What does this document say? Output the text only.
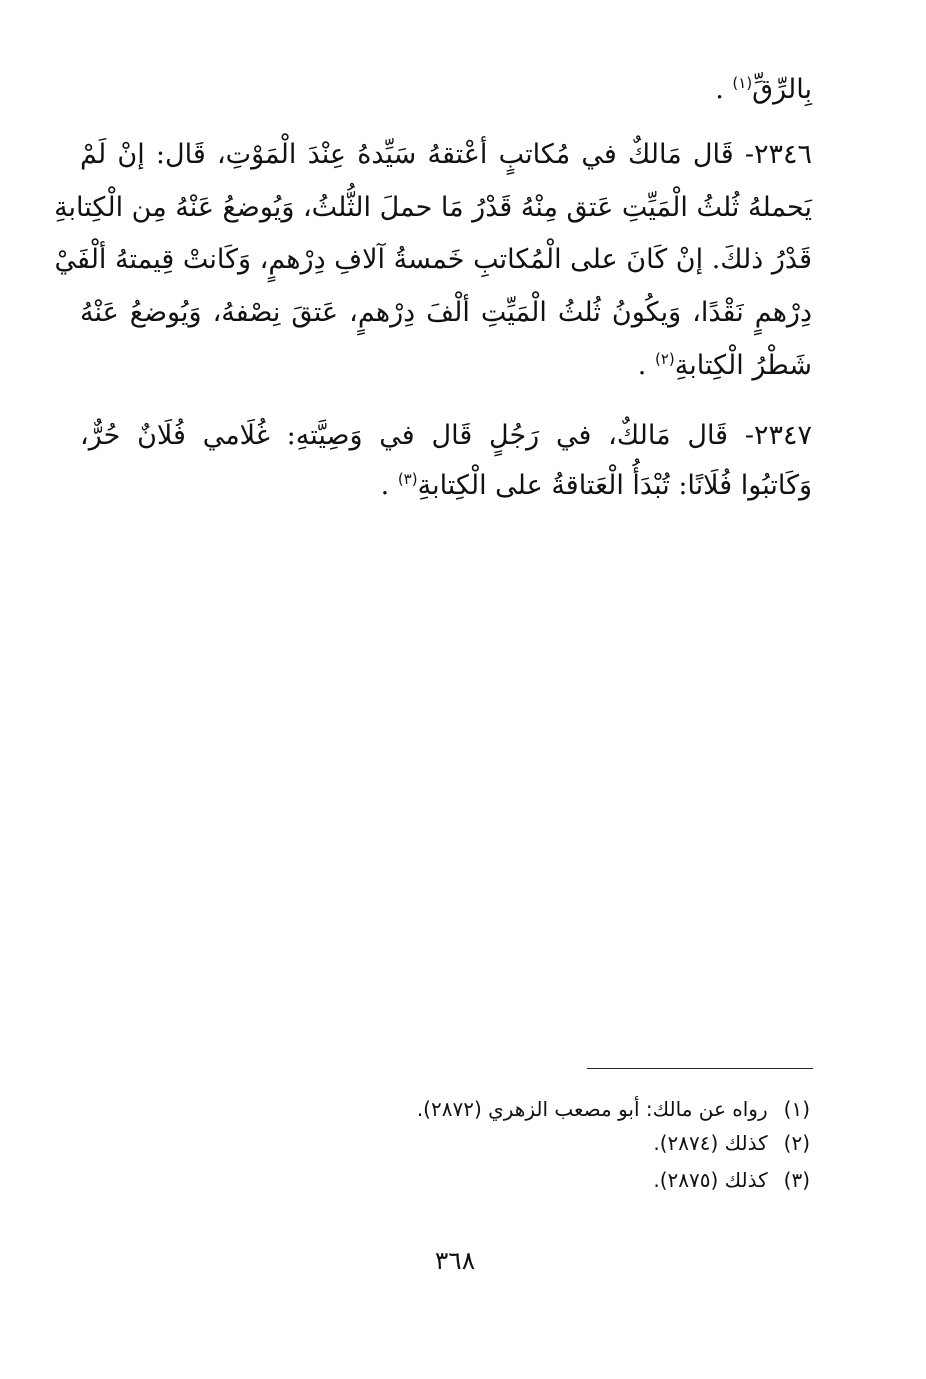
بِالرِّقِّ$^{(١)}$ .
٢٣٤٦- قَال مَالكٌ في مُكاتبٍ أعْتقهُ سَيِّدهُ عِنْدَ الْمَوْتِ، قَال: إنْ لَمْ
يَحملهُ ثُلثُ الْمَيِّتِ عَتق مِنْهُ قَدْرُ مَا حملَ الثُّلثُ، وَيُوضعُ عَنْهُ مِن الْكِتابةِ
قَدْرُ ذلكَ. إنْ كَانَ على الْمُكاتبِ خَمسةُ آلافِ دِرْهمٍ، وَكَانتْ قِيمتهُ ألْفَيْ
دِرْهمٍ نَقْدًا، وَيكُونُ ثُلثُ الْمَيِّتِ ألْفَ دِرْهمٍ، عَتقَ نِصْفهُ، وَيُوضعُ عَنْهُ
شَطْرُ الْكِتابةِ$^{(٢)}$ .
٢٣٤٧- قَال مَالكٌ، في رَجُلٍ قَال في وَصِيَّتهِ: غُلَامي فُلَانٌ حُرٌّ،
وَكَاتبُوا فُلَانًا: تُبْدَأُ الْعَتاقةُ على الْكِتابةِ$^{(٣)}$ .
(١)رواه عن مالك: أبو مصعب الزهري (٢٨٧٢).
(٢)كذلك (٢٨٧٤).
(٣)كذلك (٢٨٧٥).
٣٦٨
